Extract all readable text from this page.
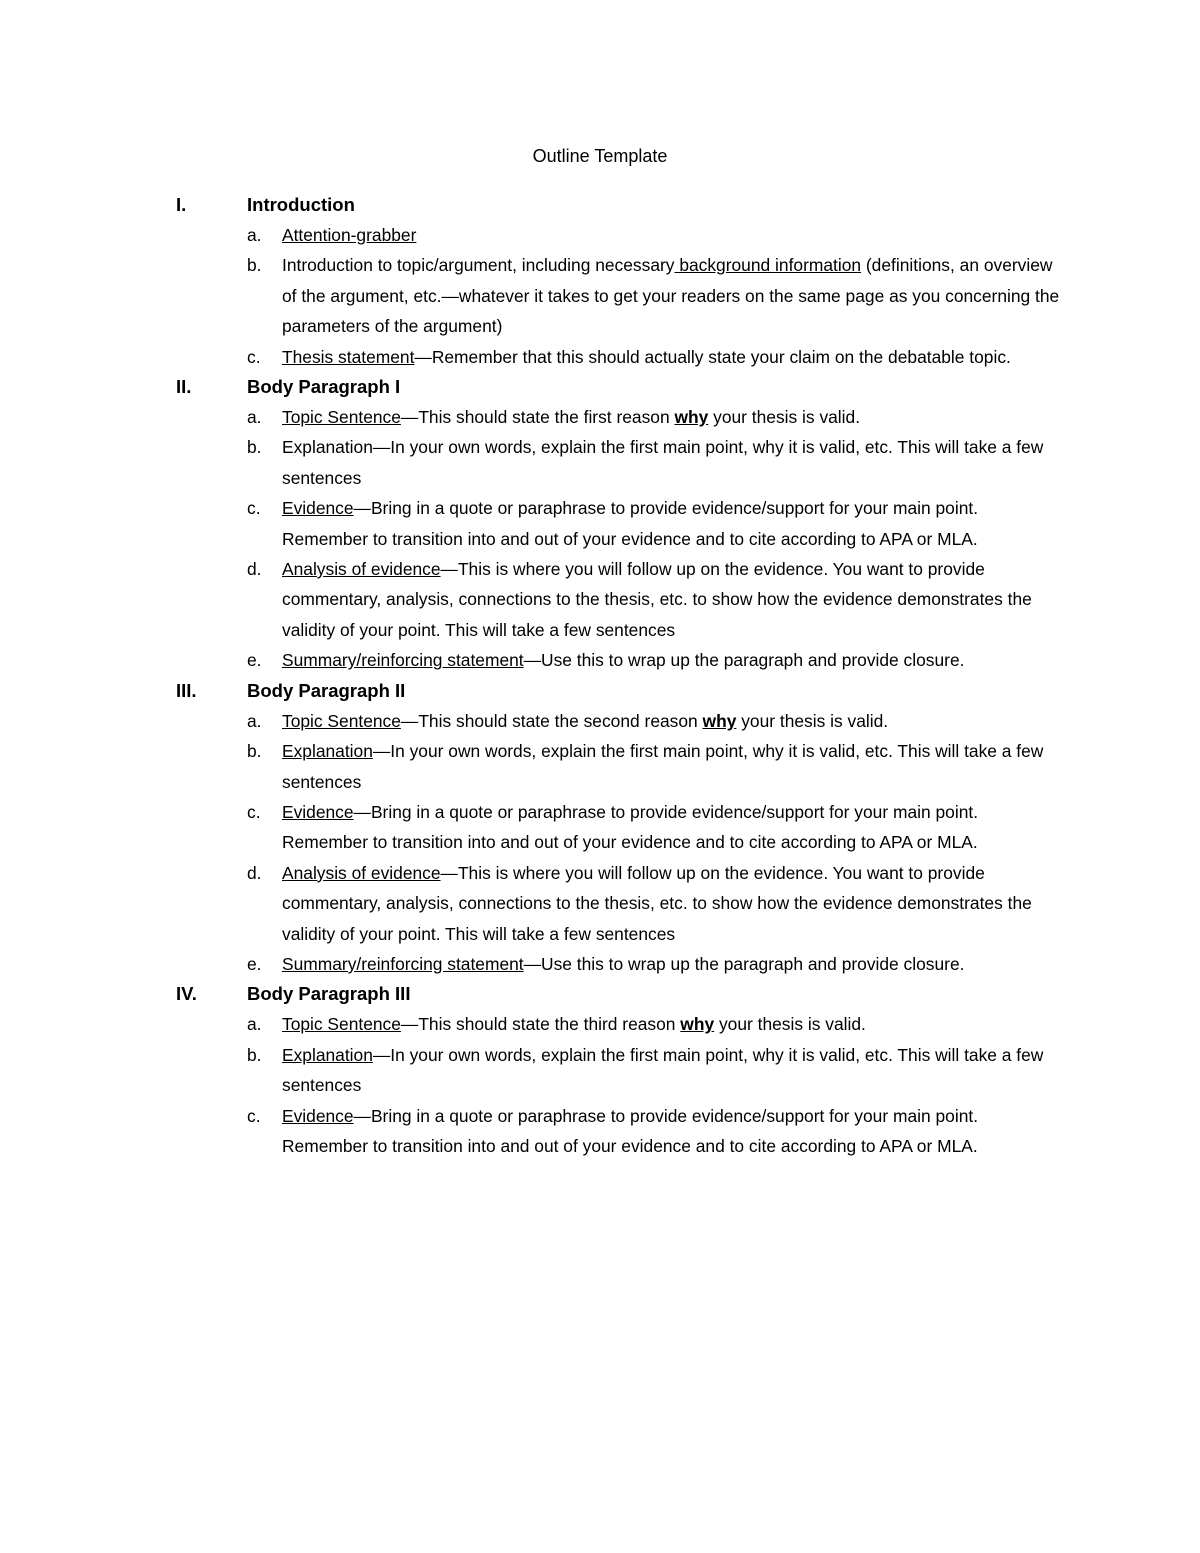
Outline Template
I.	Introduction
a. Attention-grabber
b. Introduction to topic/argument, including necessary background information (definitions, an overview of the argument, etc.—whatever it takes to get your readers on the same page as you concerning the parameters of the argument)
c. Thesis statement—Remember that this should actually state your claim on the debatable topic.
II.	Body Paragraph I
a. Topic Sentence—This should state the first reason why your thesis is valid.
b. Explanation—In your own words, explain the first main point, why it is valid, etc. This will take a few sentences
c. Evidence—Bring in a quote or paraphrase to provide evidence/support for your main point. Remember to transition into and out of your evidence and to cite according to APA or MLA.
d. Analysis of evidence—This is where you will follow up on the evidence. You want to provide commentary, analysis, connections to the thesis, etc. to show how the evidence demonstrates the validity of your point. This will take a few sentences
e. Summary/reinforcing statement—Use this to wrap up the paragraph and provide closure.
III.	Body Paragraph II
a. Topic Sentence—This should state the second reason why your thesis is valid.
b. Explanation—In your own words, explain the first main point, why it is valid, etc. This will take a few sentences
c. Evidence—Bring in a quote or paraphrase to provide evidence/support for your main point. Remember to transition into and out of your evidence and to cite according to APA or MLA.
d. Analysis of evidence—This is where you will follow up on the evidence. You want to provide commentary, analysis, connections to the thesis, etc. to show how the evidence demonstrates the validity of your point. This will take a few sentences
e. Summary/reinforcing statement—Use this to wrap up the paragraph and provide closure.
IV.	Body Paragraph III
a. Topic Sentence—This should state the third reason why your thesis is valid.
b. Explanation—In your own words, explain the first main point, why it is valid, etc. This will take a few sentences
c. Evidence—Bring in a quote or paraphrase to provide evidence/support for your main point. Remember to transition into and out of your evidence and to cite according to APA or MLA.
